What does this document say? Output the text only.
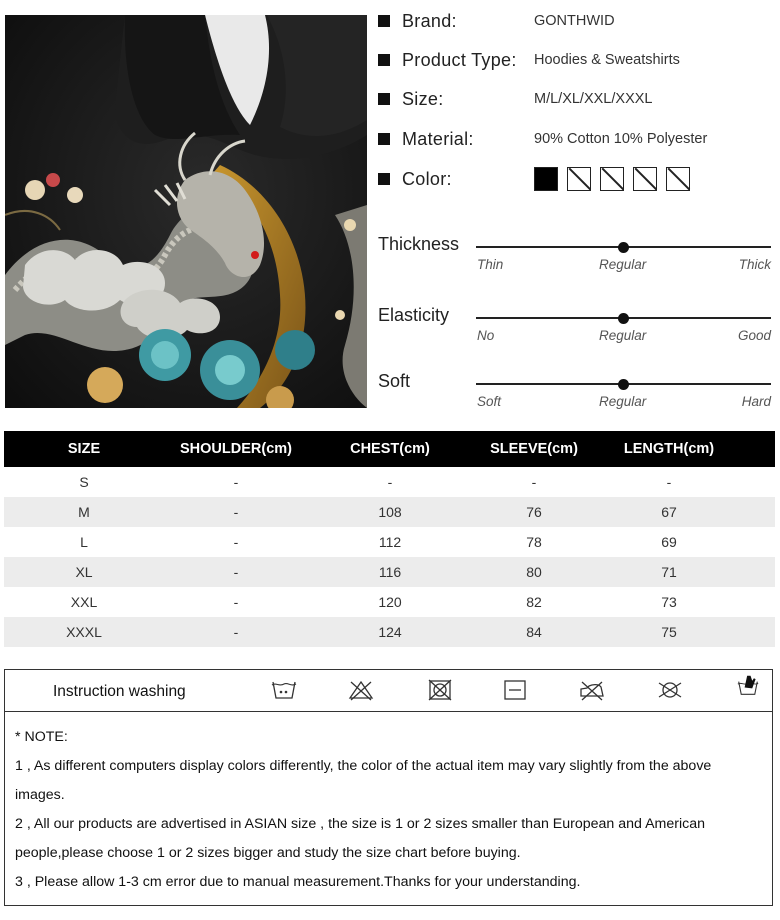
Brand:	GONTHWID
Product Type:	Hoodies & Sweatshirts
Size:	M/L/XL/XXL/XXXL
Material:	90% Cotton 10% Polyester
Color:
Thickness
Thin	Regular	Thick
Elasticity
No	Regular	Good
Soft
Soft	Regular	Hard
SIZE	SHOULDER(cm)	CHEST(cm)	SLEEVE(cm)	LENGTH(cm)
S	-	-	-	-
M	-	108	76	67
L	-	112	78	69
XL	-	116	80	71
XXL	-	120	82	73
XXXL	-	124	84	75
Instruction washing
* NOTE:
1 , As different computers display colors differently, the color of the actual item may vary slightly from the above
images.
2 , All our products are advertised in ASIAN size , the size is 1 or 2 sizes smaller than European and American
people,please choose 1 or 2 sizes bigger and study the size chart before buying.
3 , Please allow 1-3 cm error due to manual measurement.Thanks for your understanding.
